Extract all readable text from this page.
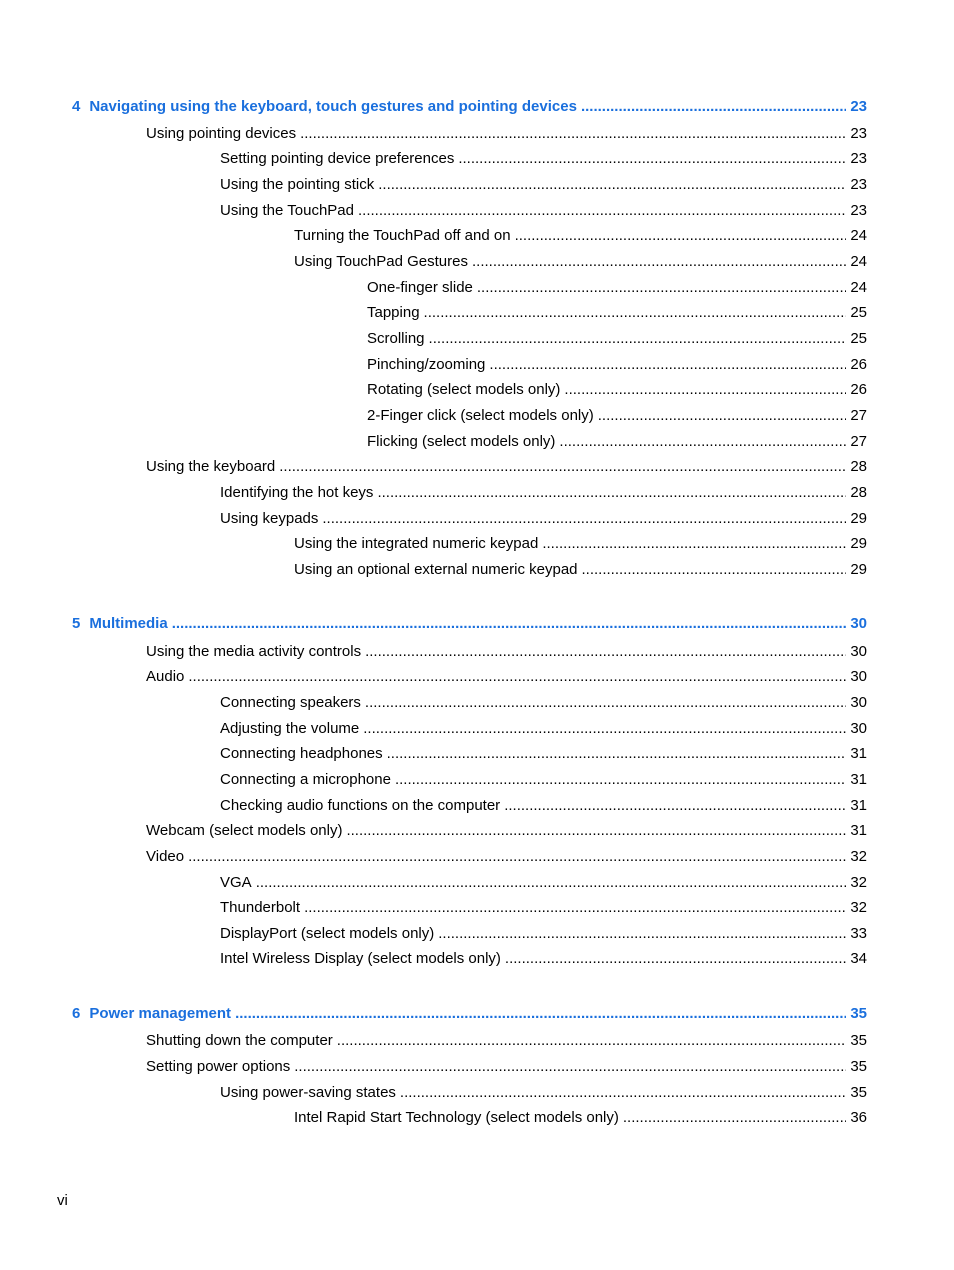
4 Navigating using the keyboard, touch gestures and pointing devices .....	23
Using pointing devices .....	23
Setting pointing device preferences .....	23
Using the pointing stick .....	23
Using the TouchPad .....	23
Turning the TouchPad off and on .....	24
Using TouchPad Gestures .....	24
One-finger slide .....	24
Tapping .....	25
Scrolling .....	25
Pinching/zooming .....	26
Rotating (select models only) .....	26
2-Finger click (select models only) .....	27
Flicking (select models only) .....	27
Using the keyboard .....	28
Identifying the hot keys .....	28
Using keypads .....	29
Using the integrated numeric keypad .....	29
Using an optional external numeric keypad .....	29
5 Multimedia .....	30
Using the media activity controls .....	30
Audio .....	30
Connecting speakers .....	30
Adjusting the volume .....	30
Connecting headphones .....	31
Connecting a microphone .....	31
Checking audio functions on the computer .....	31
Webcam (select models only) .....	31
Video .....	32
VGA .....	32
Thunderbolt .....	32
DisplayPort (select models only) .....	33
Intel Wireless Display (select models only) .....	34
6 Power management .....	35
Shutting down the computer .....	35
Setting power options .....	35
Using power-saving states .....	35
Intel Rapid Start Technology (select models only) .....	36
vi
